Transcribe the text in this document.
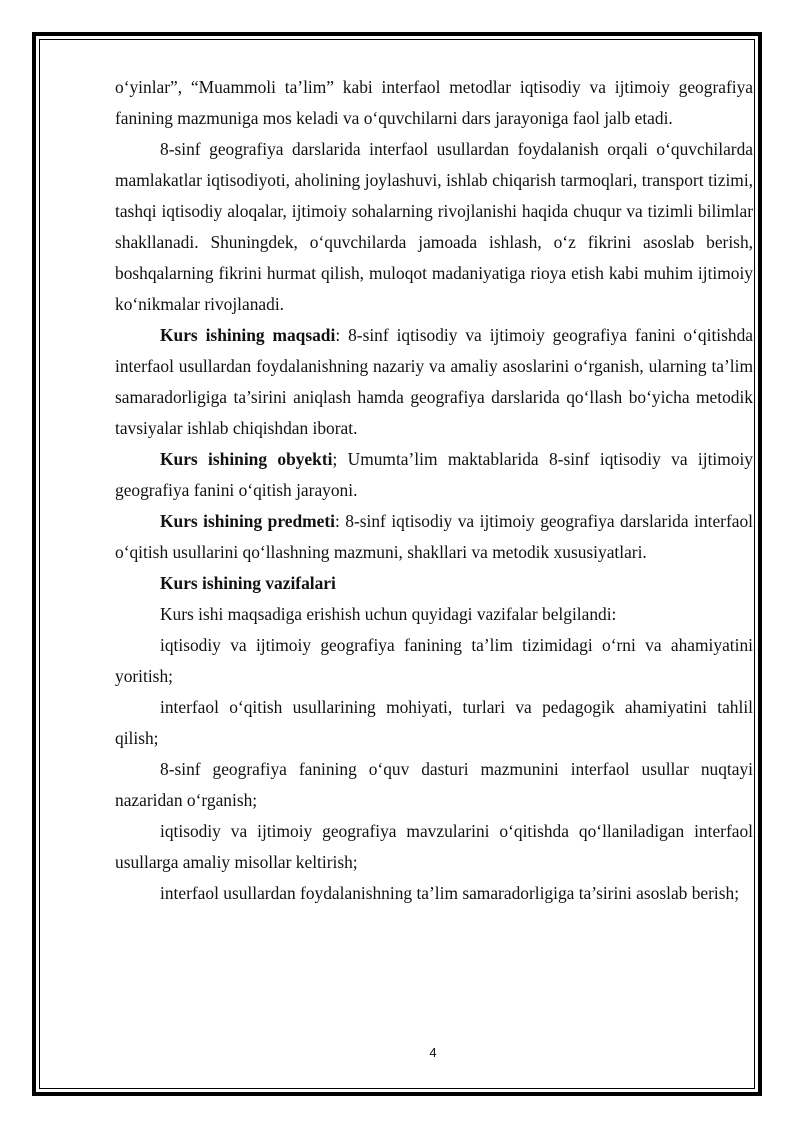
o‘yinlar”, “Muammoli ta’lim” kabi interfaol metodlar iqtisodiy va ijtimoiy geografiya fanining mazmuniga mos keladi va o‘quvchilarni dars jarayoniga faol jalb etadi.

8-sinf geografiya darslarida interfaol usullardan foydalanish orqali o‘quvchilarda mamlakatlar iqtisodiyoti, aholining joylashuvi, ishlab chiqarish tarmoqlari, transport tizimi, tashqi iqtisodiy aloqalar, ijtimoiy sohalarning rivojlanishi haqida chuqur va tizimli bilimlar shakllanadi. Shuningdek, o‘quvchilarda jamoada ishlash, o‘z fikrini asoslab berish, boshqalarning fikrini hurmat qilish, muloqot madaniyatiga rioya etish kabi muhim ijtimoiy ko‘nikmalar rivojlanadi.

Kurs ishining maqsadi: 8-sinf iqtisodiy va ijtimoiy geografiya fanini o‘qitishda interfaol usullardan foydalanishning nazariy va amaliy asoslarini o‘rganish, ularning ta’lim samaradorligiga ta’sirini aniqlash hamda geografiya darslarida qo‘llash bo‘yicha metodik tavsiyalar ishlab chiqishdan iborat.

Kurs ishining obyekti; Umumta’lim maktablarida 8-sinf iqtisodiy va ijtimoiy geografiya fanini o‘qitish jarayoni.

Kurs ishining predmeti: 8-sinf iqtisodiy va ijtimoiy geografiya darslarida interfaol o‘qitish usullarini qo‘llashning mazmuni, shakllari va metodik xususiyatlari.

Kurs ishining vazifalari

Kurs ishi maqsadiga erishish uchun quyidagi vazifalar belgilandi:

iqtisodiy va ijtimoiy geografiya fanining ta’lim tizimidagi o‘rni va ahamiyatini yoritish;

interfaol o‘qitish usullarining mohiyati, turlari va pedagogik ahamiyatini tahlil qilish;

8-sinf geografiya fanining o‘quv dasturi mazmunini interfaol usullar nuqtayi nazaridan o‘rganish;

iqtisodiy va ijtimoiy geografiya mavzularini o‘qitishda qo‘llaniladigan interfaol usullarga amaliy misollar keltirish;

interfaol usullardan foydalanishning ta’lim samaradorligiga ta’sirini asoslab berish;

4
